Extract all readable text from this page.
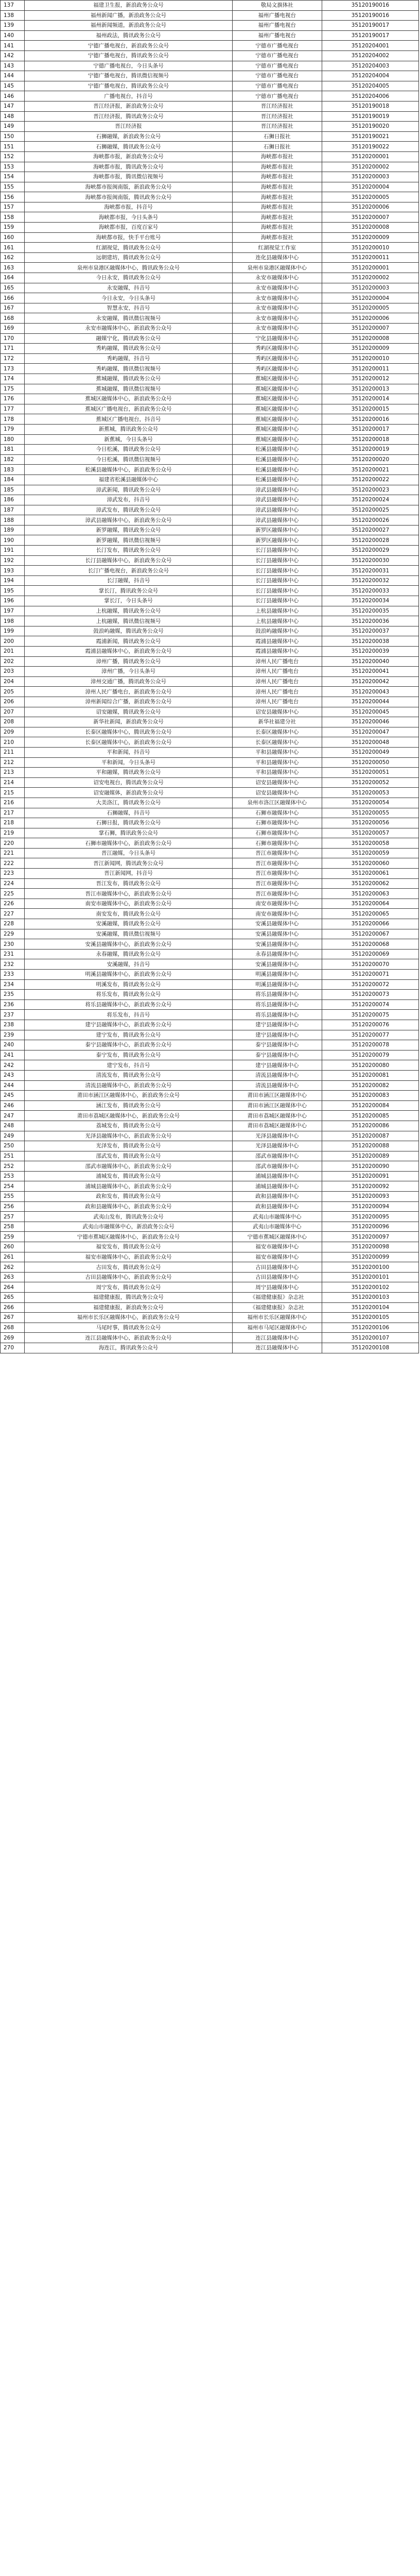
137	福建卫生报，新浪政务公众号	敬局文旗体社	35120190016
138	福州新闻广播，新浪政务公众号	福州广播电视台	35120190016
139	福州新闻频道，新浪政务公众号	福州广播电视台	35120190017
140	福州政法，腾讯政务公众号	福州广播电视台	35120190017
141	宁德广播电视台，新浪政务公众号	宁德市广播电视台	35120204001
142	宁德广播电视台，腾讯政务公众号	宁德市广播电视台	35120204002
143	宁德广播电视台，今日头条号	宁德市广播电视台	35120204003
144	宁德广播电视台，腾讯微信视频号	宁德市广播电视台	35120204004
145	宁德广播电视台，腾讯政务公众号	宁德市广播电视台	35120204005
146	广播电视台，抖音号	宁德市广播电视台	35120204006
147	晋江经济报，新浪政务公众号	晋江经济报社	35120190018
148	晋江经济报，腾讯政务公众号	晋江经济报社	35120190019
149	晋江经济报	晋江经济报社	35120190020
150	石狮融媒，新浪政务公众号	石狮日报社	35120190021
151	石狮融媒，腾讯政务公众号	石狮日报社	35120190022
152	海峡都市报，新浪政务公众号	海峡都市报社	35120200001
153	海峡都市报，腾讯政务公众号	海峡都市报社	35120200002
154	海峡都市报，腾讯微信视频号	海峡都市报社	35120200003
155	海峡都市报闽南版，新浪政务公众号	海峡都市报社	35120200004
156	海峡都市报闽南版，腾讯政务公众号	海峡都市报社	35120200005
157	海峡都市报，抖音号	海峡都市报社	35120200006
158	海峡都市报，今日头条号	海峡都市报社	35120200007
159	海峡都市报，百度百家号	海峡都市报社	35120200008
160	海峡都市报，快手平台账号	海峡都市报社	35120200009
161	红湖视觉，腾讯政务公众号	红湖视觉工作室	35120200010
162	远朝建坊，腾讯政务公众号	连化县融媒体中心	35120200011
163	泉州市泉港区融媒体中心，腾讯政务公众号	泉州市泉港区融媒体中心	35120200001
164	今日永安，腾讯政务公众号	永安市融媒体中心	35120200002
165	永安融媒，抖音号	永安市融媒体中心	35120200003
166	今日永安，今日头条号	永安市融媒体中心	35120200004
167	智慧永安，抖音号	永安市融媒体中心	35120200005
168	永安融媒，腾讯微信视频号	永安市融媒体中心	35120200006
169	永安市融媒体中心，新浪政务公众号	永安市融媒体中心	35120200007
170	融媒宁化，腾讯政务公众号	宁化县融媒体中心	35120200008
171	秀屿融媒，腾讯政务公众号	秀屿区融媒体中心	35120200009
172	秀屿融媒，抖音号	秀屿区融媒体中心	35120200010
173	秀屿融媒，腾讯微信视频号	秀屿区融媒体中心	35120200011
174	蕉城融媒，腾讯政务公众号	蕉城区融媒体中心	35120200012
175	蕉城融媒，腾讯微信视频号	蕉城区融媒体中心	35120200013
176	蕉城区融媒体中心，新浪政务公众号	蕉城区融媒体中心	35120200014
177	蕉城区广播电视台，新浪政务公众号	蕉城区融媒体中心	35120200015
178	蕉城区广播电视台，抖音号	蕉城区融媒体中心	35120200016
179	新蕉城，腾讯政务公众号	蕉城区融媒体中心	35120200017
180	新蕉城，今日头条号	蕉城区融媒体中心	35120200018
181	今日松溪，腾讯政务公众号	松溪县融媒体中心	35120200019
182	今日松溪，腾讯微信视频号	松溪县融媒体中心	35120200020
183	松溪县融媒体中心，新浪政务公众号	松溪县融媒体中心	35120200021
184	福建省松溪县融媒体中心	松溪县融媒体中心	35120200022
185	漳武新闻，腾讯政务公众号	漳武县融媒体中心	35120200023
186	漳武发布，抖音号	漳武县融媒体中心	35120200024
187	漳武发布，腾讯政务公众号	漳武县融媒体中心	35120200025
188	漳武县融媒体中心，新浪政务公众号	漳武县融媒体中心	35120200026
189	新罗融媒，腾讯政务公众号	新罗区融媒体中心	35120200027
190	新罗融媒，腾讯微信视频号	新罗区融媒体中心	35120200028
191	长汀发布，腾讯政务公众号	长汀县融媒体中心	35120200029
192	长汀县融媒体中心，新浪政务公众号	长汀县融媒体中心	35120200030
193	长汀广播电视台，新浪政务公众号	长汀县融媒体中心	35120200031
194	长汀融媒，抖音号	长汀县融媒体中心	35120200032
195	掌长汀，腾讯政务公众号	长汀县融媒体中心	35120200033
196	掌长汀，今日头条号	长汀县融媒体中心	35120200034
197	上杭融媒，腾讯政务公众号	上杭县融媒体中心	35120200035
198	上杭融媒，腾讯微信视频号	上杭县融媒体中心	35120200036
199	鼓浪屿融媒，腾讯政务公众号	鼓浪屿融媒体中心	35120200037
200	霞浦新闻，腾讯政务公众号	霞浦县融媒体中心	35120200038
201	霞浦县融媒体中心，新浪政务公众号	霞浦县融媒体中心	35120200039
202	漳州广播，腾讯政务公众号	漳州人民广播电台	35120200040
203	漳州广播，今日头条号	漳州人民广播电台	35120200041
204	漳州交通广播，腾讯政务公众号	漳州人民广播电台	35120200042
205	漳州人民广播电台，新浪政务公众号	漳州人民广播电台	35120200043
206	漳州新闻综合广播，新浪政务公众号	漳州人民广播电台	35120200044
207	诏安融媒，腾讯政务公众号	诏安县融媒体中心	35120200045
208	新华社新闻，新浪政务公众号	新华社福建分社	35120200046
209	长泰区融媒体中心，腾讯政务公众号	长泰区融媒体中心	35120200047
210	长泰区融媒体中心，新浪政务公众号	长泰区融媒体中心	35120200048
211	平和新闻，抖音号	平和县融媒体中心	35120200049
212	平和新闻，今日头条号	平和县融媒体中心	35120200050
213	平和融媒，腾讯政务公众号	平和县融媒体中心	35120200051
214	诏安电视台，腾讯政务公众号	诏安县融媒体中心	35120200052
215	诏安融媒体，新浪政务公众号	诏安县融媒体中心	35120200053
216	大美洛江，腾讯政务公众号	泉州市洛江区融媒体中心	35120200054
217	石狮融媒，抖音号	石狮市融媒体中心	35120200055
218	石狮日报，腾讯政务公众号	石狮市融媒体中心	35120200056
219	掌石狮，腾讯政务公众号	石狮市融媒体中心	35120200057
220	石狮市融媒体中心，新浪政务公众号	石狮市融媒体中心	35120200058
221	晋江融媒，今日头条号	晋江市融媒体中心	35120200059
222	晋江新闻网，腾讯政务公众号	晋江市融媒体中心	35120200060
223	晋江新闻网，抖音号	晋江市融媒体中心	35120200061
224	晋江发布，腾讯政务公众号	晋江市融媒体中心	35120200062
225	晋江市融媒体中心，新浪政务公众号	晋江市融媒体中心	35120200063
226	南安市融媒体中心，新浪政务公众号	南安市融媒体中心	35120200064
227	南安发布，腾讯政务公众号	南安市融媒体中心	35120200065
228	安溪融媒，腾讯政务公众号	安溪县融媒体中心	35120200066
229	安溪融媒，腾讯微信视频号	安溪县融媒体中心	35120200067
230	安溪县融媒体中心，新浪政务公众号	安溪县融媒体中心	35120200068
231	永春融媒，腾讯政务公众号	永春县融媒体中心	35120200069
232	安溪融媒，抖音号	安溪县融媒体中心	35120200070
233	明溪县融媒体中心，新浪政务公众号	明溪县融媒体中心	35120200071
234	明溪发布，腾讯政务公众号	明溪县融媒体中心	35120200072
235	将乐发布，腾讯政务公众号	将乐县融媒体中心	35120200073
236	将乐县融媒体中心，新浪政务公众号	将乐县融媒体中心	35120200074
237	将乐发布，抖音号	将乐县融媒体中心	35120200075
238	建宁县融媒体中心，新浪政务公众号	建宁县融媒体中心	35120200076
239	建宁发布，腾讯政务公众号	建宁县融媒体中心	35120200077
240	泰宁县融媒体中心，新浪政务公众号	泰宁县融媒体中心	35120200078
241	泰宁发布，腾讯政务公众号	泰宁县融媒体中心	35120200079
242	建宁发布，抖音号	建宁县融媒体中心	35120200080
243	清流发布，腾讯政务公众号	清流县融媒体中心	35120200081
244	清流县融媒体中心，新浪政务公众号	清流县融媒体中心	35120200082
245	莆田市涵江区融媒体中心，新浪政务公众号	莆田市涵江区融媒体中心	35120200083
246	涵江发布，腾讯政务公众号	莆田市涵江区融媒体中心	35120200084
247	莆田市荔城区融媒体中心，新浪政务公众号	莆田市荔城区融媒体中心	35120200085
248	荔城发布，腾讯政务公众号	莆田市荔城区融媒体中心	35120200086
249	光泽县融媒体中心，新浪政务公众号	光泽县融媒体中心	35120200087
250	光泽发布，腾讯政务公众号	光泽县融媒体中心	35120200088
251	邵武发布，腾讯政务公众号	邵武市融媒体中心	35120200089
252	邵武市融媒体中心，新浪政务公众号	邵武市融媒体中心	35120200090
253	浦城发布，腾讯政务公众号	浦城县融媒体中心	35120200091
254	浦城县融媒体中心，新浪政务公众号	浦城县融媒体中心	35120200092
255	政和发布，腾讯政务公众号	政和县融媒体中心	35120200093
256	政和县融媒体中心，新浪政务公众号	政和县融媒体中心	35120200094
257	武夷山发布，腾讯政务公众号	武夷山市融媒体中心	35120200095
258	武夷山市融媒体中心，新浪政务公众号	武夷山市融媒体中心	35120200096
259	宁德市蕉城区融媒体中心，新浪政务公众号	宁德市蕉城区融媒体中心	35120200097
260	福安发布，腾讯政务公众号	福安市融媒体中心	35120200098
261	福安市融媒体中心，新浪政务公众号	福安市融媒体中心	35120200099
262	古田发布，腾讯政务公众号	古田县融媒体中心	35120200100
263	古田县融媒体中心，新浪政务公众号	古田县融媒体中心	35120200101
264	周宁发布，腾讯政务公众号	周宁县融媒体中心	35120200102
265	福建健康报，腾讯政务公众号	《福建健康报》杂志社	35120200103
266	福建健康报，新浪政务公众号	《福建健康报》杂志社	35120200104
267	福州市长乐区融媒体中心，新浪政务公众号	福州市长乐区融媒体中心	35120200105
268	马尾时事，腾讯政务公众号	福州市马尾区融媒体中心	35120200106
269	连江县融媒体中心，新浪政务公众号	连江县融媒体中心	35120200107
270	海连江，腾讯政务公众号	连江县融媒体中心	35120200108
